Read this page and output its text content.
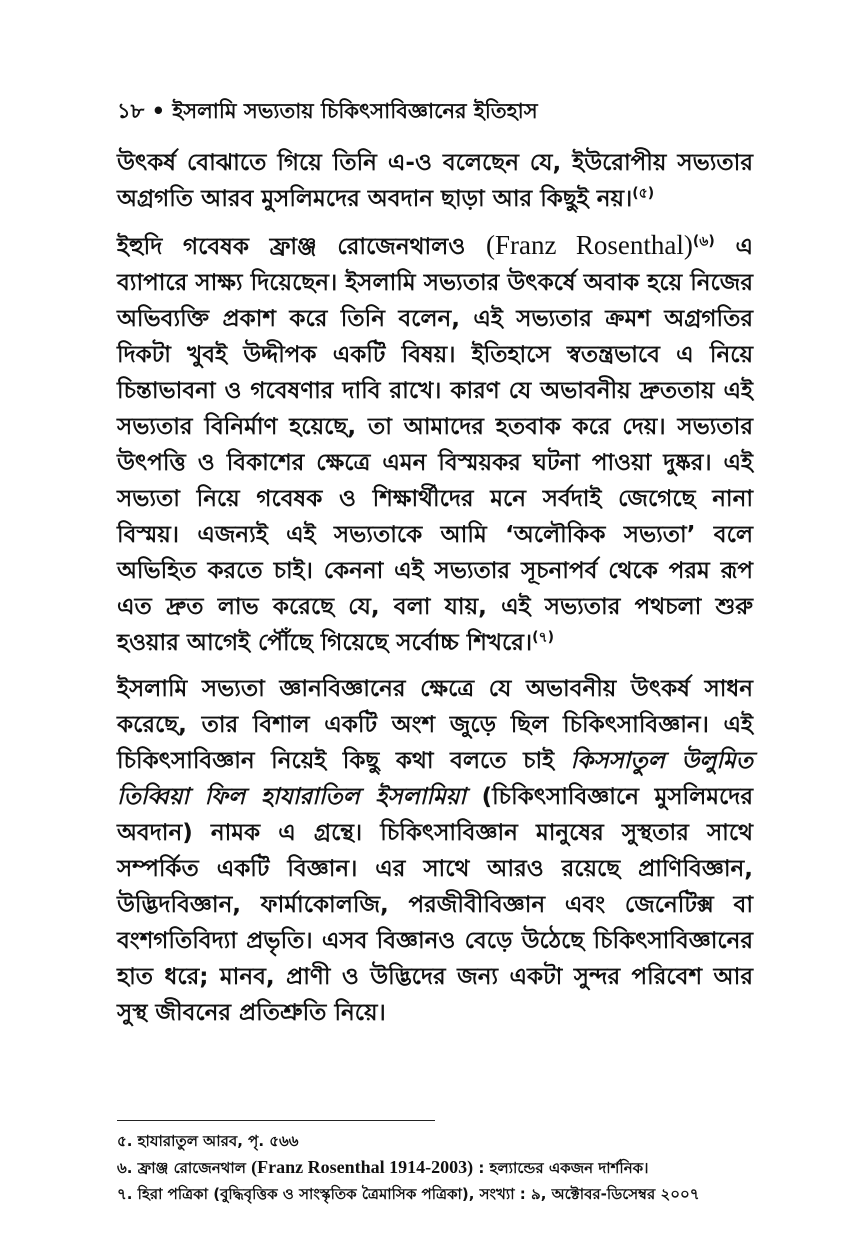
১৮ • ইসলামি সভ্যতায় চিকিৎসাবিজ্ঞানের ইতিহাস

উৎকর্ষ বোঝাতে গিয়ে তিনি এ-ও বলেছেন যে, ইউরোপীয় সভ্যতার অগ্রগতি আরব মুসলিমদের অবদান ছাড়া আর কিছুই নয়।$^{(৫)}$

ইহুদি গবেষক ফ্রাঞ্জ রোজেনথালও (Franz Rosenthal)$^{(৬)}$ এ ব্যাপারে সাক্ষ্য দিয়েছেন। ইসলামি সভ্যতার উৎকর্ষে অবাক হয়ে নিজের অভিব্যক্তি প্রকাশ করে তিনি বলেন, এই সভ্যতার ক্রমশ অগ্রগতির দিকটা খুবই উদ্দীপক একটি বিষয়। ইতিহাসে স্বতন্ত্রভাবে এ নিয়ে চিন্তাভাবনা ও গবেষণার দাবি রাখে। কারণ যে অভাবনীয় দ্রুততায় এই সভ্যতার বিনির্মাণ হয়েছে, তা আমাদের হতবাক করে দেয়। সভ্যতার উৎপত্তি ও বিকাশের ক্ষেত্রে এমন বিস্ময়কর ঘটনা পাওয়া দুষ্কর। এই সভ্যতা নিয়ে গবেষক ও শিক্ষার্থীদের মনে সর্বদাই জেগেছে নানা বিস্ময়। এজন্যই এই সভ্যতাকে আমি ‘অলৌকিক সভ্যতা’ বলে অভিহিত করতে চাই। কেননা এই সভ্যতার সূচনাপর্ব থেকে পরম রূপ এত দ্রুত লাভ করেছে যে, বলা যায়, এই সভ্যতার পথচলা শুরু হওয়ার আগেই পৌঁছে গিয়েছে সর্বোচ্চ শিখরে।$^{(৭)}$

ইসলামি সভ্যতা জ্ঞানবিজ্ঞানের ক্ষেত্রে যে অভাবনীয় উৎকর্ষ সাধন করেছে, তার বিশাল একটি অংশ জুড়ে ছিল চিকিৎসাবিজ্ঞান। এই চিকিৎসাবিজ্ঞান নিয়েই কিছু কথা বলতে চাই কিসসাতুল উলুমিত তিব্বিয়া ফিল হাযারাতিল ইসলামিয়া (চিকিৎসাবিজ্ঞানে মুসলিমদের অবদান) নামক এ গ্রন্থে। চিকিৎসাবিজ্ঞান মানুষের সুস্থতার সাথে সম্পর্কিত একটি বিজ্ঞান। এর সাথে আরও রয়েছে প্রাণিবিজ্ঞান, উদ্ভিদবিজ্ঞান, ফার্মাকোলজি, পরজীবীবিজ্ঞান এবং জেনেটিক্স বা বংশগতিবিদ্যা প্রভৃতি। এসব বিজ্ঞানও বেড়ে উঠেছে চিকিৎসাবিজ্ঞানের হাত ধরে; মানব, প্রাণী ও উদ্ভিদের জন্য একটা সুন্দর পরিবেশ আর সুস্থ জীবনের প্রতিশ্রুতি নিয়ে।

৫. হাযারাতুল আরব, পৃ. ৫৬৬
৬. ফ্রাঞ্জ রোজেনথাল (Franz Rosenthal 1914-2003) : হল্যান্ডের একজন দার্শনিক।
৭. হিরা পত্রিকা (বুদ্ধিবৃত্তিক ও সাংস্কৃতিক ত্রৈমাসিক পত্রিকা), সংখ্যা : ৯, অক্টোবর-ডিসেম্বর ২০০৭
